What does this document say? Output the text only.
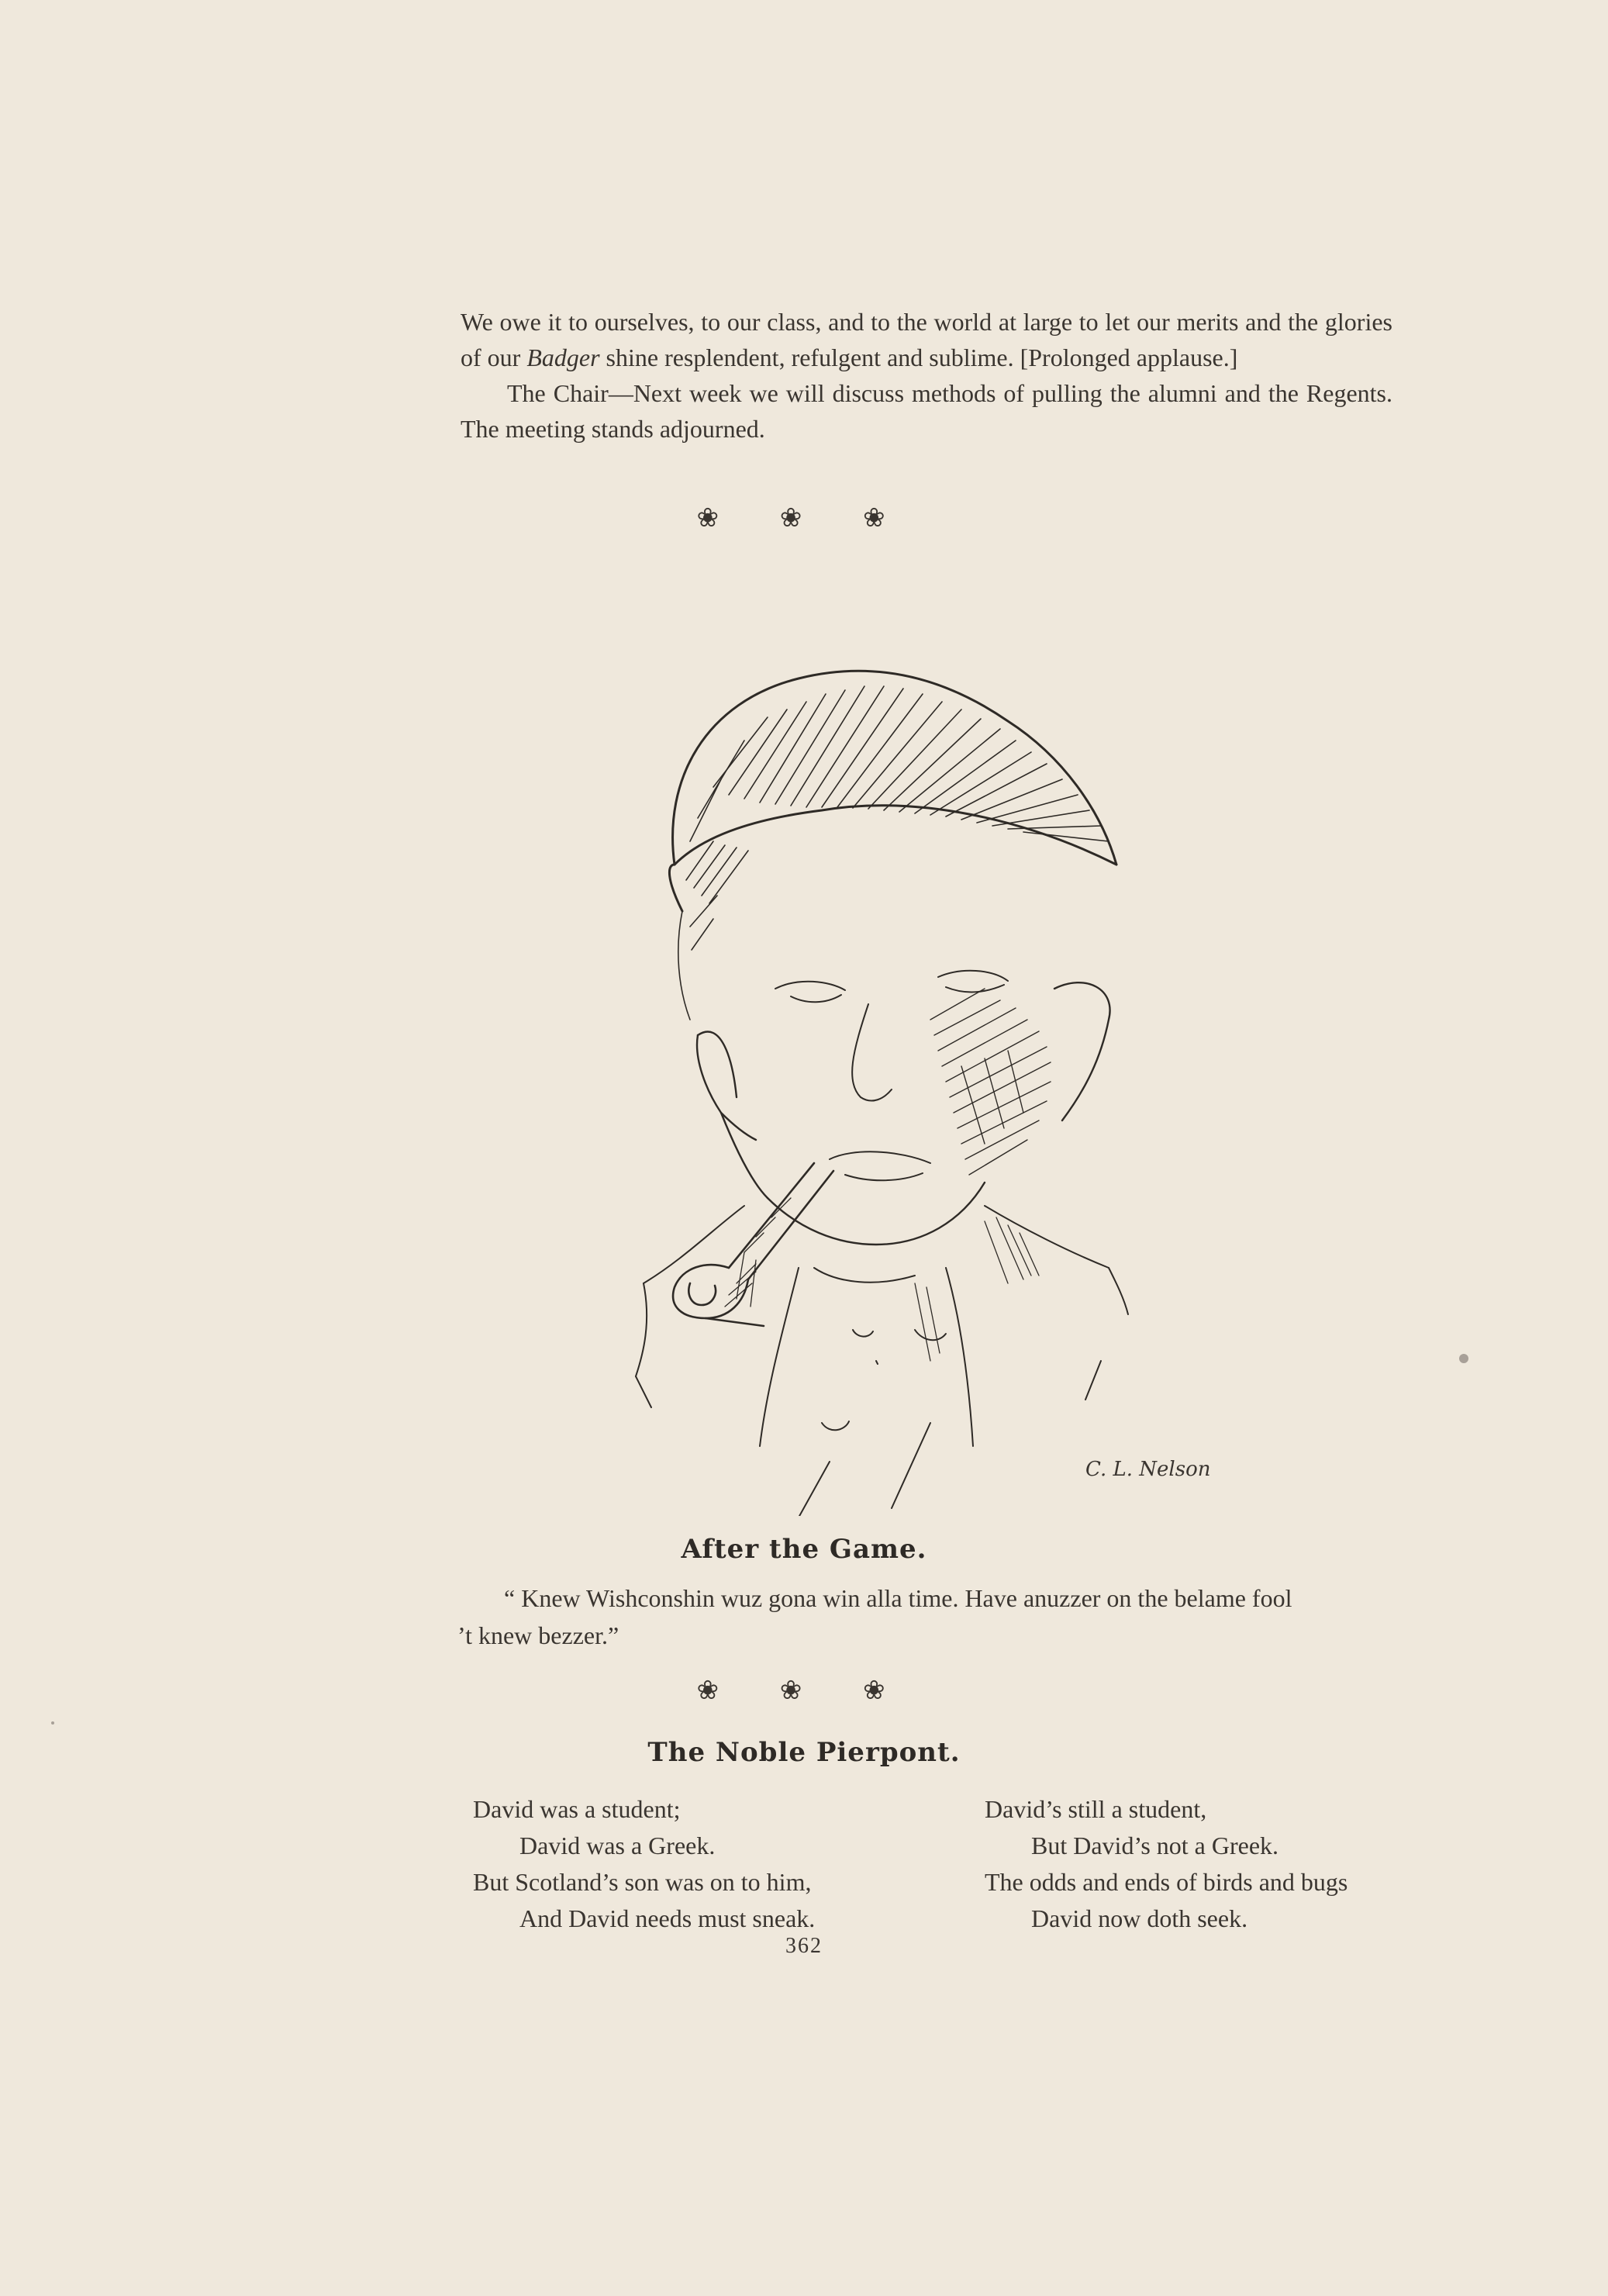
We owe it to ourselves, to our class, and to the world at large to let our merits and the glories of our Badger shine resplendent, refulgent and sublime. [Prolonged applause.]

The Chair—Next week we will discuss methods of pulling the alumni and the Regents. The meeting stands adjourned.

❀ ❀ ❀
C. L. Nelson
After the Game.

“ Knew Wishconshin wuz gona win alla time. Have anuzzer on the belame fool

’t knew bezzer.”

❀ ❀ ❀
The Noble Pierpont.
David was a student;
David was a Greek.
But Scotland’s son was on to him,
And David needs must sneak.
David’s still a student,
But David’s not a Greek.
The odds and ends of birds and bugs
David now doth seek.
362
